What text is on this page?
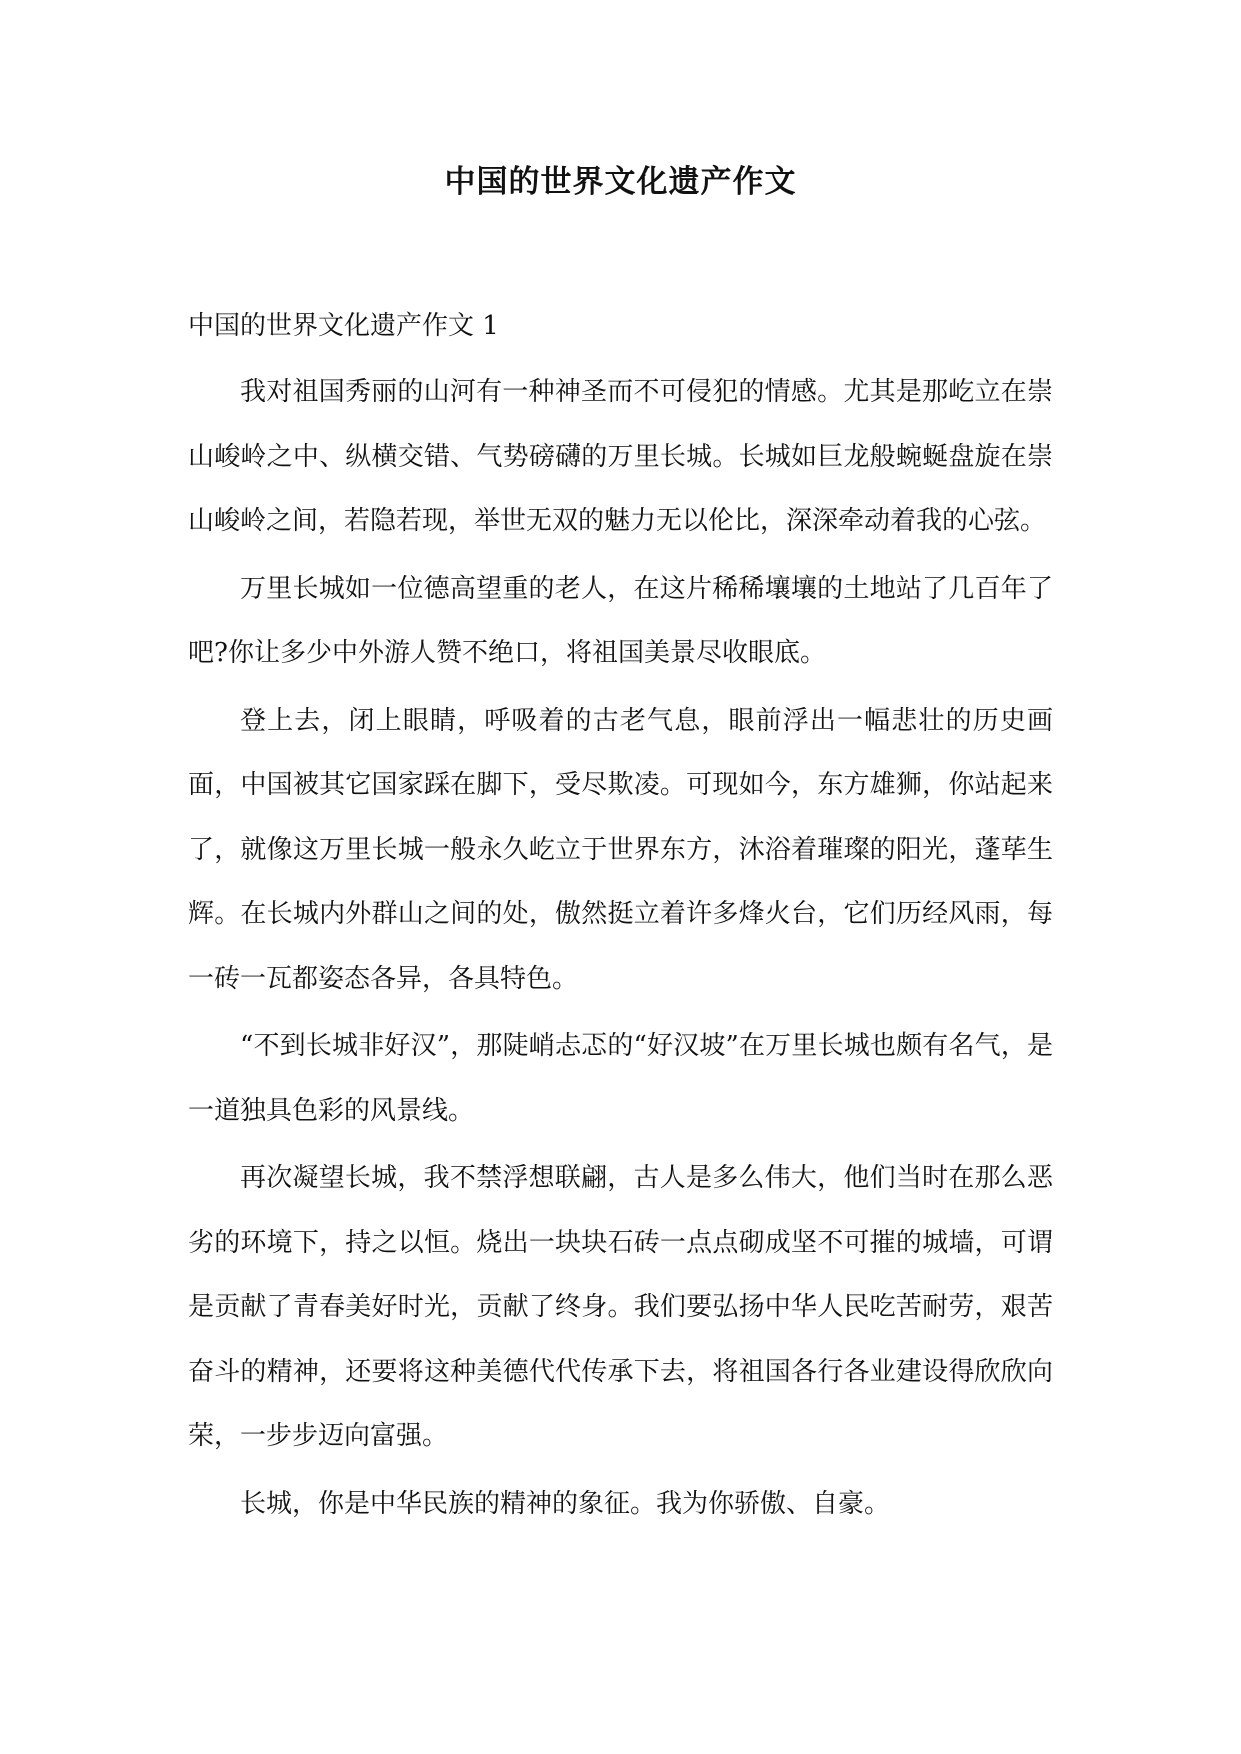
中国的世界文化遗产作文

中国的世界文化遗产作文 1

我对祖国秀丽的山河有一种神圣而不可侵犯的情感。尤其是那屹立在崇山峻岭之中、纵横交错、气势磅礴的万里长城。长城如巨龙般蜿蜒盘旋在崇山峻岭之间，若隐若现，举世无双的魅力无以伦比，深深牵动着我的心弦。

万里长城如一位德高望重的老人，在这片稀稀壤壤的土地站了几百年了吧?你让多少中外游人赞不绝口，将祖国美景尽收眼底。

登上去，闭上眼睛，呼吸着的古老气息，眼前浮出一幅悲壮的历史画面，中国被其它国家踩在脚下，受尽欺凌。可现如今，东方雄狮，你站起来了，就像这万里长城一般永久屹立于世界东方，沐浴着璀璨的阳光，蓬荜生辉。在长城内外群山之间的处，傲然挺立着许多烽火台，它们历经风雨，每一砖一瓦都姿态各异，各具特色。

“不到长城非好汉”，那陡峭忐忑的“好汉坡”在万里长城也颇有名气，是一道独具色彩的风景线。

再次凝望长城，我不禁浮想联翩，古人是多么伟大，他们当时在那么恶劣的环境下，持之以恒。烧出一块块石砖一点点砌成坚不可摧的城墙，可谓是贡献了青春美好时光，贡献了终身。我们要弘扬中华人民吃苦耐劳，艰苦奋斗的精神，还要将这种美德代代传承下去，将祖国各行各业建设得欣欣向荣，一步步迈向富强。

长城，你是中华民族的精神的象征。我为你骄傲、自豪。
